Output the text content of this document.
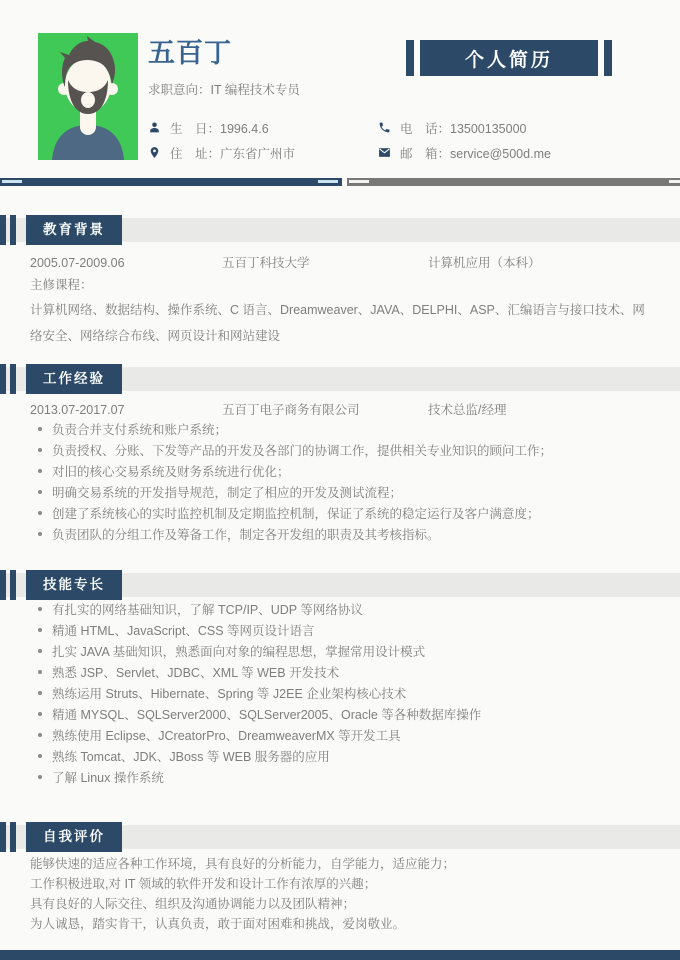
五百丁
求职意向：IT 编程技术专员
个人简历
生　日：1996.4.6
住　址：广东省广州市
电　话：13500135000
邮　箱：service@500d.me
教育背景
2005.07-2009.06	五百丁科技大学	计算机应用（本科）
主修课程：
计算机网络、数据结构、操作系统、C 语言、Dreamweaver、JAVA、DELPHI、ASP、汇编语言与接口技术、网络安全、网络综合布线、网页设计和网站建设
工作经验
2013.07-2017.07	五百丁电子商务有限公司	技术总监/经理
负责合并支付系统和账户系统；
负责授权、分账、下发等产品的开发及各部门的协调工作，提供相关专业知识的顾问工作；
对旧的核心交易系统及财务系统进行优化；
明确交易系统的开发指导规范，制定了相应的开发及测试流程；
创建了系统核心的实时监控机制及定期监控机制，保证了系统的稳定运行及客户满意度；
负责团队的分组工作及筹备工作，制定各开发组的职责及其考核指标。
技能专长
有扎实的网络基础知识，了解 TCP/IP、UDP 等网络协议
精通 HTML、JavaScript、CSS 等网页设计语言
扎实 JAVA 基础知识，熟悉面向对象的编程思想，掌握常用设计模式
熟悉 JSP、Servlet、JDBC、XML 等 WEB 开发技术
熟练运用 Struts、Hibernate、Spring 等 J2EE 企业架构核心技术
精通 MYSQL、SQLServer2000、SQLServer2005、Oracle 等各种数据库操作
熟练使用 Eclipse、JCreatorPro、DreamweaverMX 等开发工具
熟练 Tomcat、JDK、JBoss 等 WEB 服务器的应用
了解 Linux 操作系统
自我评价
能够快速的适应各种工作环境，具有良好的分析能力，自学能力，适应能力；
工作积极进取,对 IT 领域的软件开发和设计工作有浓厚的兴趣；
具有良好的人际交往、组织及沟通协调能力以及团队精神；
为人诚恳，踏实肯干，认真负责，敢于面对困难和挑战，爱岗敬业。
